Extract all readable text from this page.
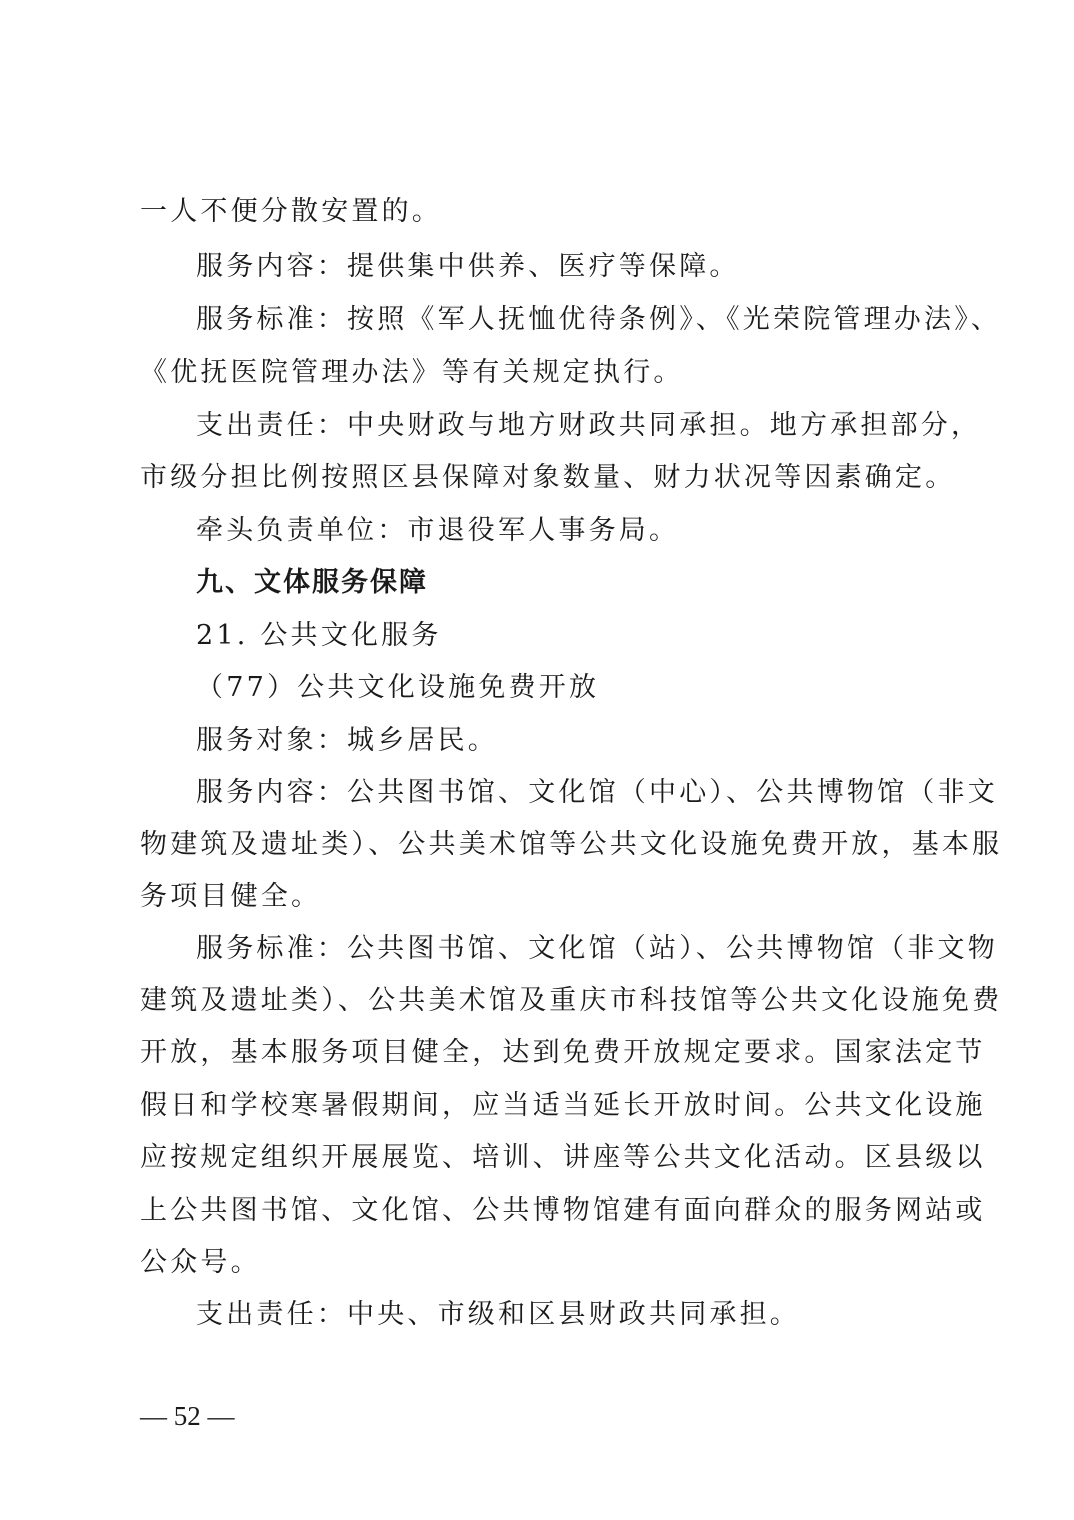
一人不便分散安置的。
服务内容：提供集中供养、医疗等保障。
服务标准：按照《军人抚恤优待条例》、《光荣院管理办法》、
《优抚医院管理办法》等有关规定执行。
支出责任：中央财政与地方财政共同承担。地方承担部分，
市级分担比例按照区县保障对象数量、财力状况等因素确定。
牵头负责单位：市退役军人事务局。
九、文体服务保障
21. 公共文化服务
（77）公共文化设施免费开放
服务对象：城乡居民。
服务内容：公共图书馆、文化馆（中心）、公共博物馆（非文
物建筑及遗址类）、公共美术馆等公共文化设施免费开放，基本服
务项目健全。
服务标准：公共图书馆、文化馆（站）、公共博物馆（非文物
建筑及遗址类）、公共美术馆及重庆市科技馆等公共文化设施免费
开放，基本服务项目健全，达到免费开放规定要求。国家法定节
假日和学校寒暑假期间，应当适当延长开放时间。公共文化设施
应按规定组织开展展览、培训、讲座等公共文化活动。区县级以
上公共图书馆、文化馆、公共博物馆建有面向群众的服务网站或
公众号。
支出责任：中央、市级和区县财政共同承担。
— 52 —
